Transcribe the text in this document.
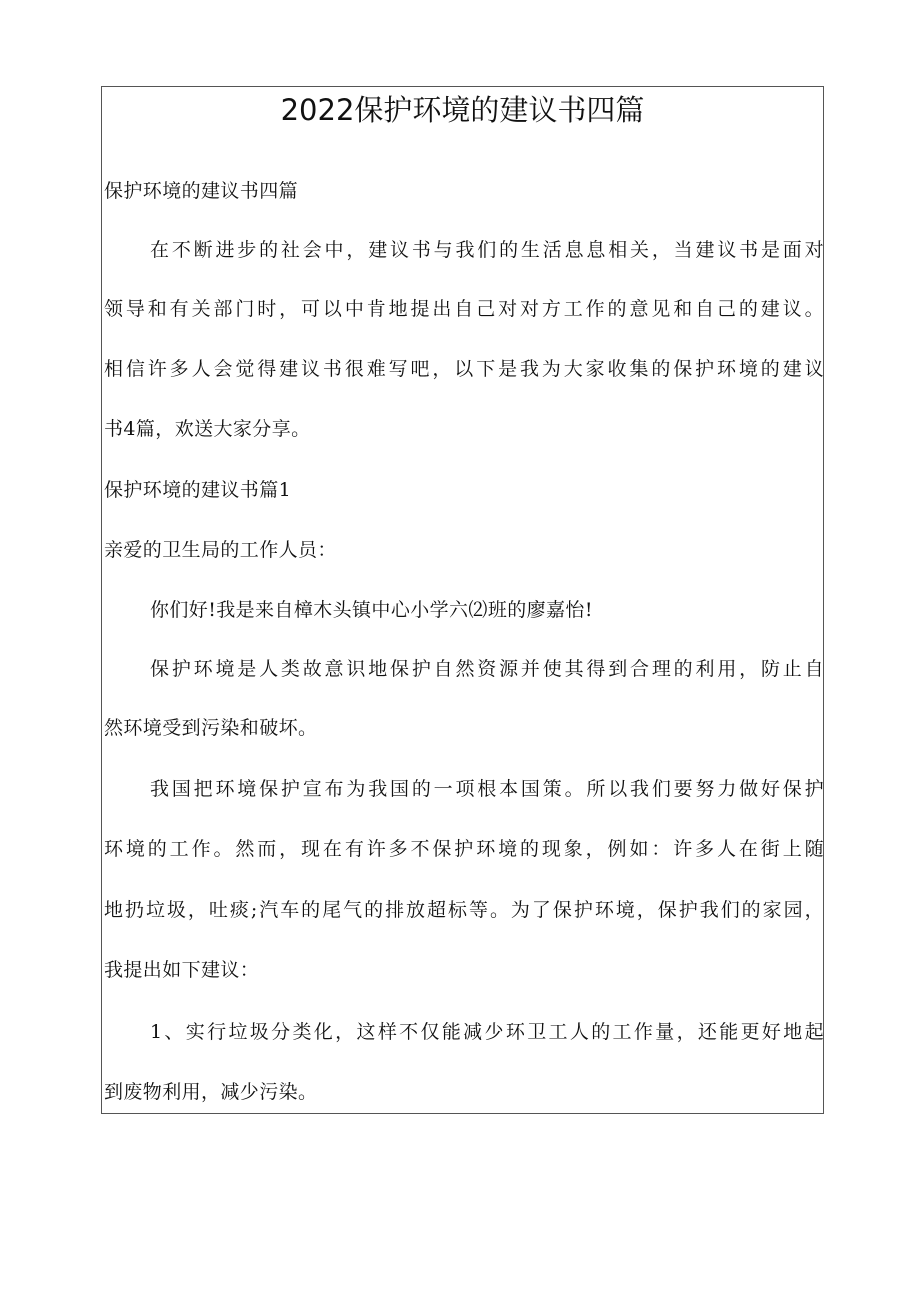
2022保护环境的建议书四篇
保护环境的建议书四篇
在不断进步的社会中，建议书与我们的生活息息相关，当建议书是面对
领导和有关部门时，可以中肯地提出自己对对方工作的意见和自己的建议。
相信许多人会觉得建议书很难写吧，以下是我为大家收集的保护环境的建议
书4篇，欢送大家分享。
保护环境的建议书篇1
亲爱的卫生局的工作人员：
你们好!我是来自樟木头镇中心小学六⑵班的廖嘉怡!
保护环境是人类故意识地保护自然资源并使其得到合理的利用，防止自
然环境受到污染和破坏。
我国把环境保护宣布为我国的一项根本国策。所以我们要努力做好保护
环境的工作。然而，现在有许多不保护环境的现象，例如：许多人在街上随
地扔垃圾，吐痰;汽车的尾气的排放超标等。为了保护环境，保护我们的家园，
我提出如下建议：
1、实行垃圾分类化，这样不仅能减少环卫工人的工作量，还能更好地起
到废物利用，减少污染。
